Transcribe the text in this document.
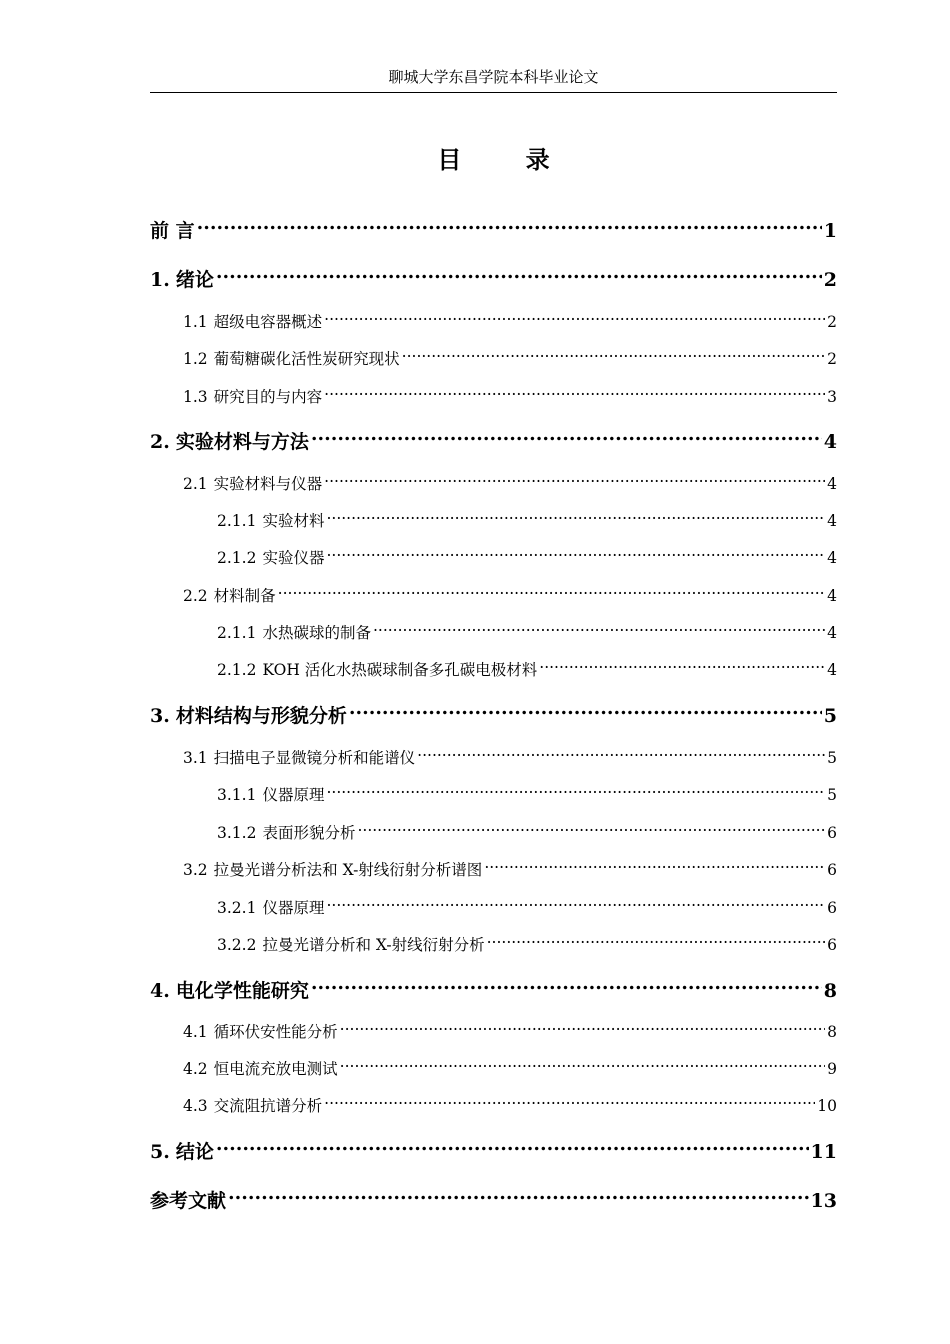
聊城大学东昌学院本科毕业论文
目 录
前 言 .....	1
1. 绪论 .....	2
1.1 超级电容器概述 .....	2
1.2 葡萄糖碳化活性炭研究现状 .....	2
1.3 研究目的与内容 .....	3
2. 实验材料与方法 .....	4
2.1 实验材料与仪器 .....	4
2.1.1 实验材料 .....	4
2.1.2 实验仪器 .....	4
2.2 材料制备 .....	4
2.1.1 水热碳球的制备 .....	4
2.1.2 KOH 活化水热碳球制备多孔碳电极材料 .....	4
3. 材料结构与形貌分析 .....	5
3.1 扫描电子显微镜分析和能谱仪 .....	5
3.1.1 仪器原理 .....	5
3.1.2 表面形貌分析 .....	6
3.2 拉曼光谱分析法和 X-射线衍射分析谱图 .....	6
3.2.1 仪器原理 .....	6
3.2.2 拉曼光谱分析和 X-射线衍射分析 .....	6
4. 电化学性能研究 .....	8
4.1 循环伏安性能分析 .....	8
4.2 恒电流充放电测试 .....	9
4.3 交流阻抗谱分析 .....	10
5. 结论 .....	11
参考文献 .....	13
